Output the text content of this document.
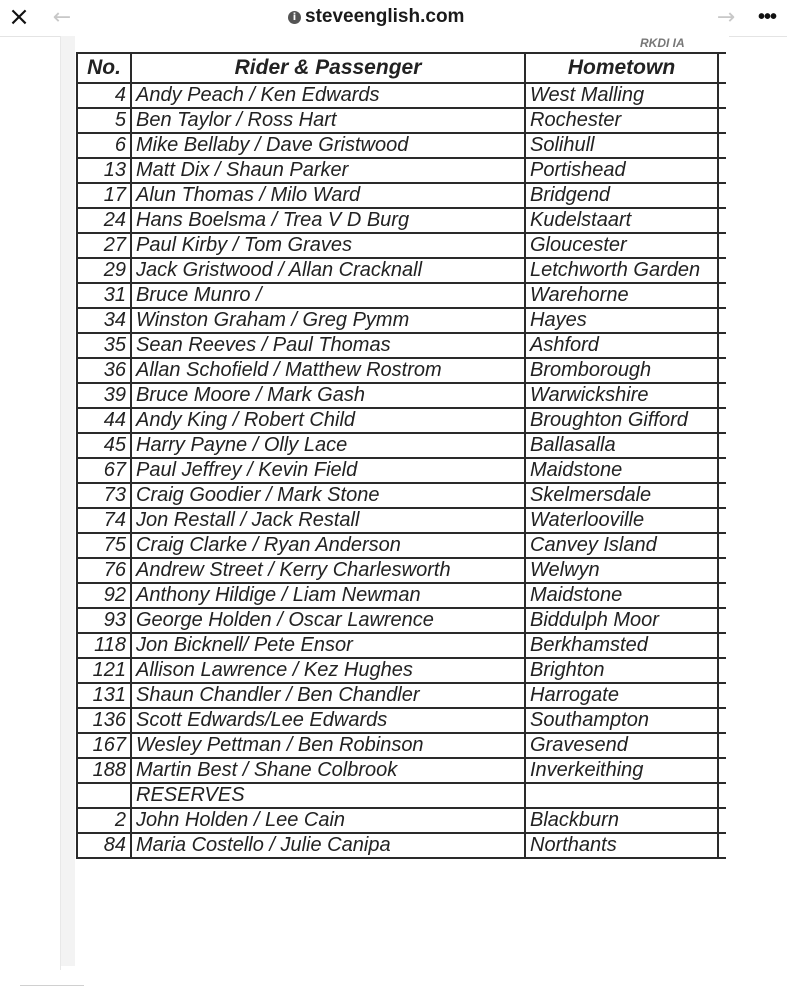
× ←	i steveenglish.com	→ •••
RKDI IA
No.	Rider & Passenger	Hometown	
4	Andy Peach / Ken Edwards	West Malling	
5	Ben Taylor / Ross Hart	Rochester	
6	Mike Bellaby / Dave Gristwood	Solihull	
13	Matt Dix / Shaun Parker	Portishead	
17	Alun Thomas / Milo Ward	Bridgend	
24	Hans Boelsma / Trea V D Burg	Kudelstaart	
27	Paul Kirby / Tom Graves	Gloucester	
29	Jack Gristwood / Allan Cracknall	Letchworth Garden	
31	Bruce Munro /	Warehorne	
34	Winston Graham / Greg Pymm	Hayes	
35	Sean Reeves / Paul Thomas	Ashford	
36	Allan Schofield / Matthew Rostrom	Bromborough	
39	Bruce Moore / Mark Gash	Warwickshire	
44	Andy King / Robert Child	Broughton Gifford	
45	Harry Payne / Olly Lace	Ballasalla	
67	Paul Jeffrey / Kevin Field	Maidstone	
73	Craig Goodier / Mark Stone	Skelmersdale	
74	Jon Restall / Jack Restall	Waterlooville	
75	Craig Clarke / Ryan Anderson	Canvey Island	
76	Andrew Street / Kerry Charlesworth	Welwyn	
92	Anthony Hildige / Liam Newman	Maidstone	
93	George Holden / Oscar Lawrence	Biddulph Moor	
118	Jon Bicknell/ Pete Ensor	Berkhamsted	
121	Allison Lawrence / Kez Hughes	Brighton	
131	Shaun Chandler / Ben Chandler	Harrogate	
136	Scott Edwards/Lee Edwards	Southampton	
167	Wesley Pettman / Ben Robinson	Gravesend	
188	Martin Best / Shane Colbrook	Inverkeithing	
	RESERVES		
2	John Holden / Lee Cain	Blackburn	
84	Maria Costello / Julie Canipa	Northants	
